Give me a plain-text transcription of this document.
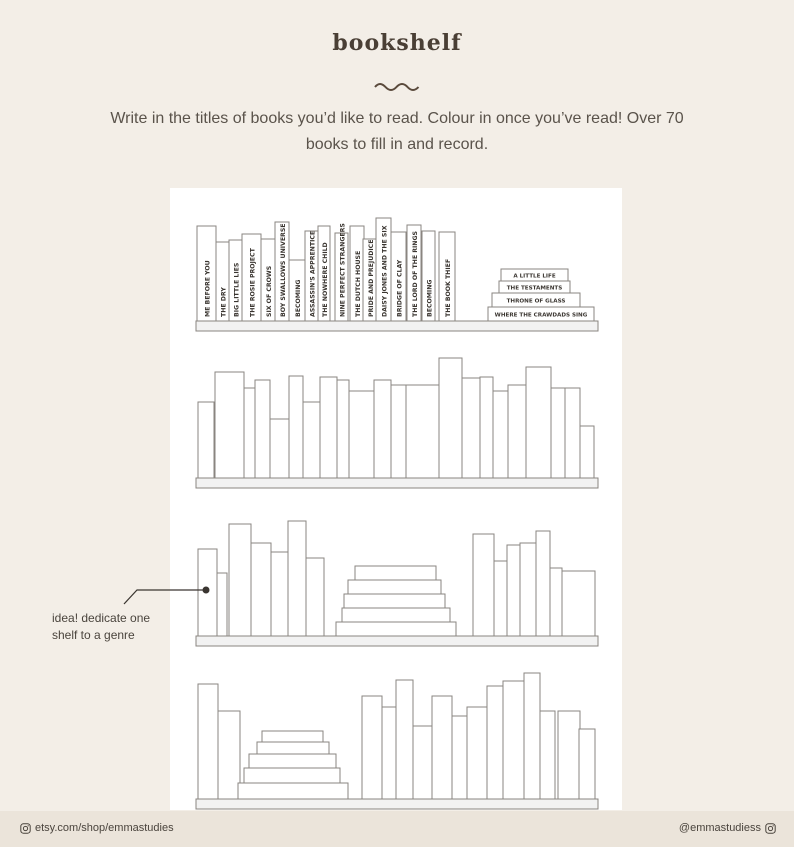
bookshelf
Write in the titles of books you’d like to read. Colour in once you’ve read! Over 70 books to fill in and record.
ME BEFORE YOU THE DRY BIG LITTLE LIES THE ROSIE PROJECT SIX OF CROWS BOY SWALLOWS UNIVERSE BECOMING ASSASSIN'S APPRENTICE THE NOWHERE CHILD NINE PERFECT STRANGERS THE DUTCH HOUSE PRIDE AND PREJUDICE DAISY JONES AND THE SIX BRIDGE OF CLAY THE LORD OF THE RINGS BECOMING THE BOOK THIEF	WHERE THE CRAWDADS SING
THRONE OF GLASS
THE TESTAMENTS
A LITTLE LIFE
idea! dedicate one shelf to a genre
etsy.com/shop/emmastudies	@emmastudiess
